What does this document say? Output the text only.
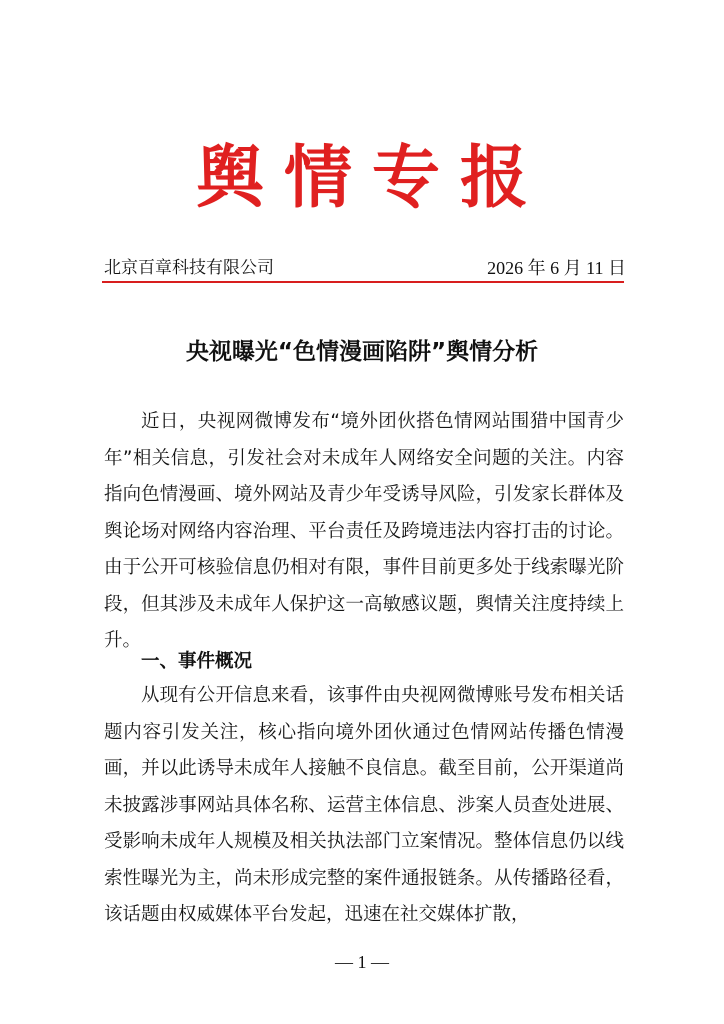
舆情专报
北京百章科技有限公司	2026 年 6 月 11 日
央视曝光“色情漫画陷阱”舆情分析

近日，央视网微博发布“境外团伙搭色情网站围猎中国青少年”相关信息，引发社会对未成年人网络安全问题的关注。内容指向色情漫画、境外网站及青少年受诱导风险，引发家长群体及舆论场对网络内容治理、平台责任及跨境违法内容打击的讨论。由于公开可核验信息仍相对有限，事件目前更多处于线索曝光阶段，但其涉及未成年人保护这一高敏感议题，舆情关注度持续上升。

一、事件概况

从现有公开信息来看，该事件由央视网微博账号发布相关话题内容引发关注，核心指向境外团伙通过色情网站传播色情漫画，并以此诱导未成年人接触不良信息。截至目前，公开渠道尚未披露涉事网站具体名称、运营主体信息、涉案人员查处进展、受影响未成年人规模及相关执法部门立案情况。整体信息仍以线索性曝光为主，尚未形成完整的案件通报链条。从传播路径看，该话题由权威媒体平台发起，迅速在社交媒体扩散，

— 1 —
